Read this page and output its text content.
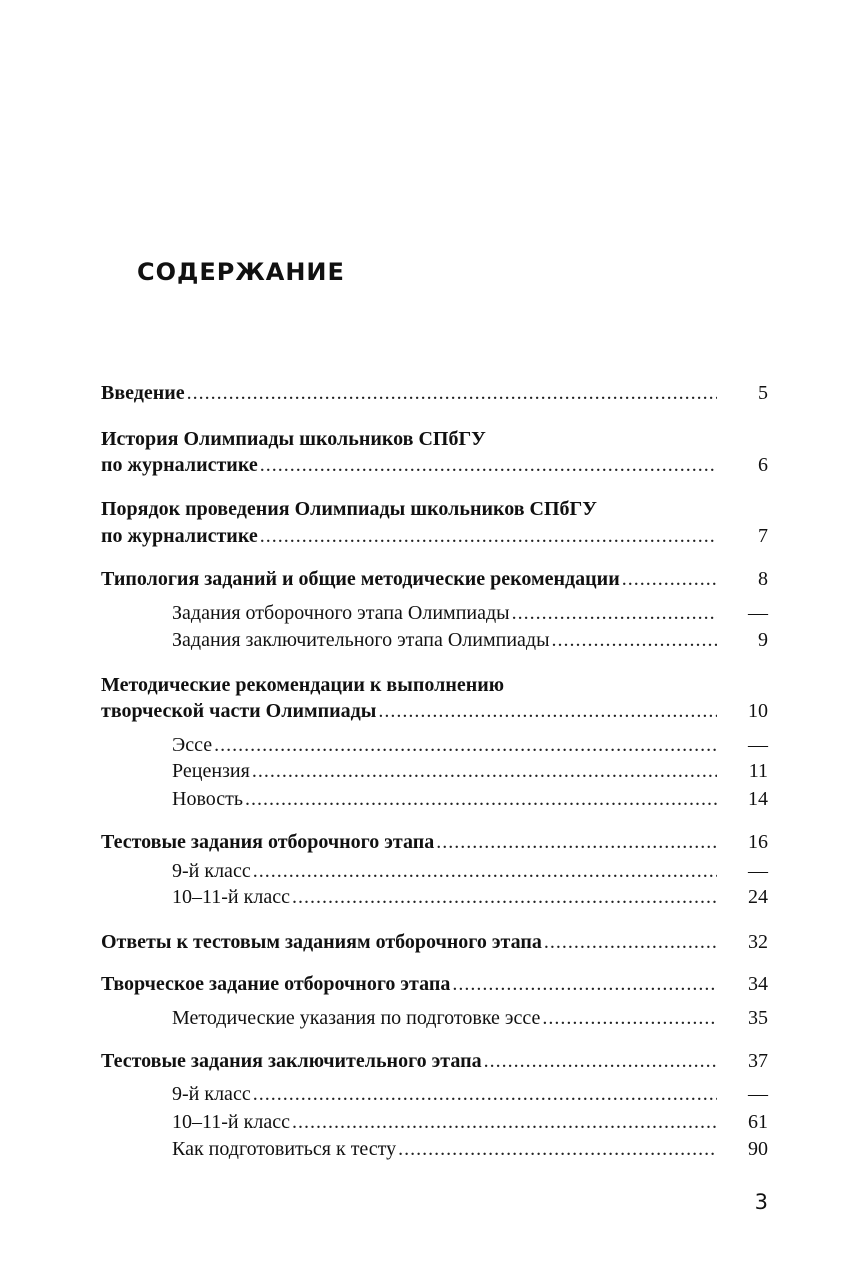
СОДЕРЖАНИЕ
Введение .....	5
История Олимпиады школьников СПбГУ
по журналистике .....	6
Порядок проведения Олимпиады школьников СПбГУ
по журналистике .....	7
Типология заданий и общие методические рекомендации .....	8
Задания отборочного этапа Олимпиады .....	—
Задания заключительного этапа Олимпиады .....	9
Методические рекомендации к выполнению
творческой части Олимпиады .....	10
Эссе .....	—
Рецензия .....	11
Новость .....	14
Тестовые задания отборочного этапа .....	16
9-й класс .....	—
10–11-й класс .....	24
Ответы к тестовым заданиям отборочного этапа .....	32
Творческое задание отборочного этапа .....	34
Методические указания по подготовке эссе .....	35
Тестовые задания заключительного этапа .....	37
9-й класс .....	—
10–11-й класс .....	61
Как подготовиться к тесту .....	90
3
